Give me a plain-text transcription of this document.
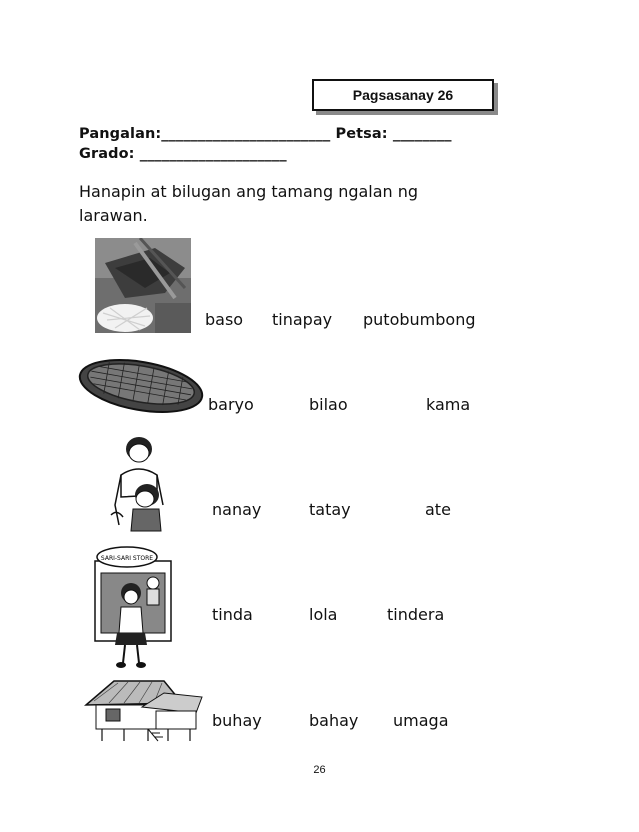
Pagsasanay 26
Pangalan:_______________________ Petsa: ________
Grado: ____________________
Hanapin at bilugan ang tamang ngalan ng larawan.
SARI-SARI STORE
baso tinapay putobumbong
baryo	bilao	kama
nanay	tatay	ate
tinda	lola	tindera
buhay	bahay umaga
26
